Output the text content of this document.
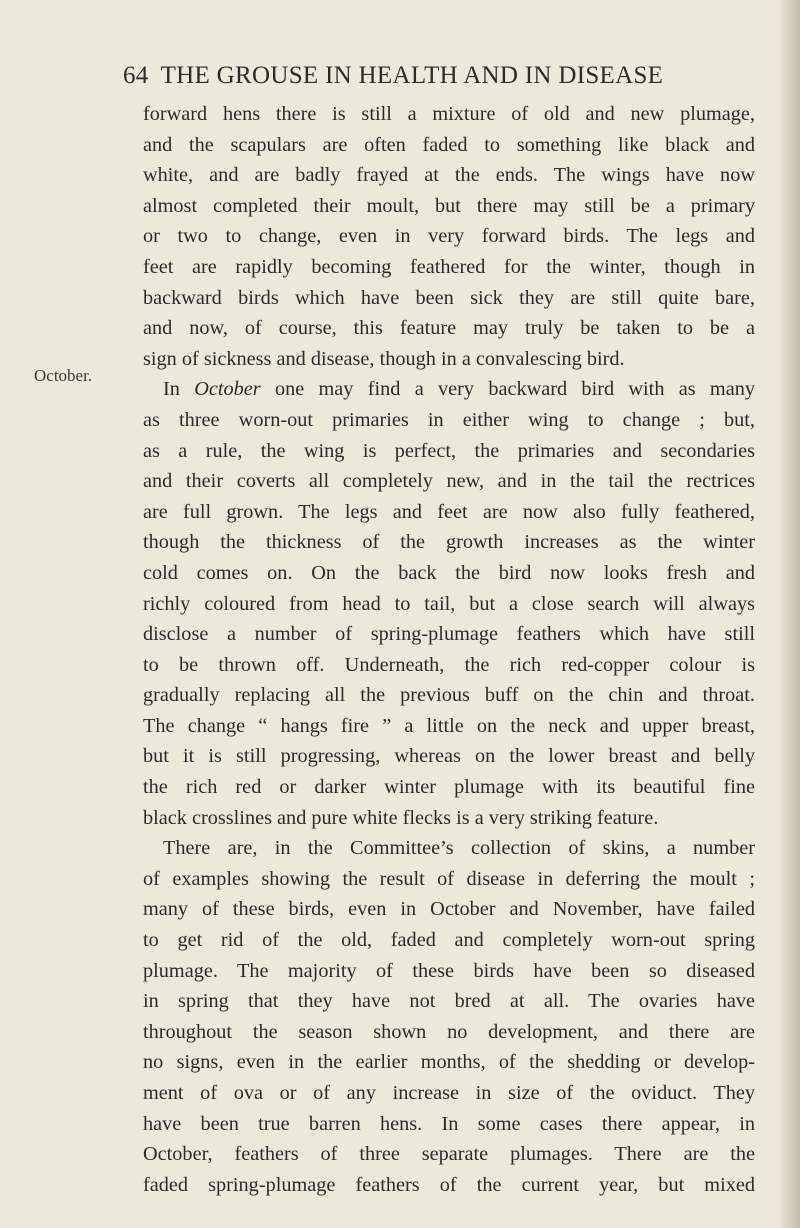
64 THE GROUSE IN HEALTH AND IN DISEASE
October.
forward hens there is still a mixture of old and new plumage,
and the scapulars are often faded to something like black and
white, and are badly frayed at the ends. The wings have now
almost completed their moult, but there may still be a primary
or two to change, even in very forward birds. The legs and
feet are rapidly becoming feathered for the winter, though in
backward birds which have been sick they are still quite bare,
and now, of course, this feature may truly be taken to be a
sign of sickness and disease, though in a convalescing bird.
In October one may find a very backward bird with as many
as three worn-out primaries in either wing to change ; but,
as a rule, the wing is perfect, the primaries and secondaries
and their coverts all completely new, and in the tail the rectrices
are full grown. The legs and feet are now also fully feathered,
though the thickness of the growth increases as the winter
cold comes on. On the back the bird now looks fresh and
richly coloured from head to tail, but a close search will always
disclose a number of spring-plumage feathers which have still
to be thrown off. Underneath, the rich red-copper colour is
gradually replacing all the previous buff on the chin and throat.
The change “ hangs fire ” a little on the neck and upper breast,
but it is still progressing, whereas on the lower breast and belly
the rich red or darker winter plumage with its beautiful fine
black crosslines and pure white flecks is a very striking feature.
There are, in the Committee’s collection of skins, a number
of examples showing the result of disease in deferring the moult ;
many of these birds, even in October and November, have failed
to get rid of the old, faded and completely worn-out spring
plumage. The majority of these birds have been so diseased
in spring that they have not bred at all. The ovaries have
throughout the season shown no development, and there are
no signs, even in the earlier months, of the shedding or develop-
ment of ova or of any increase in size of the oviduct. They
have been true barren hens. In some cases there appear, in
October, feathers of three separate plumages. There are the
faded spring-plumage feathers of the current year, but mixed
